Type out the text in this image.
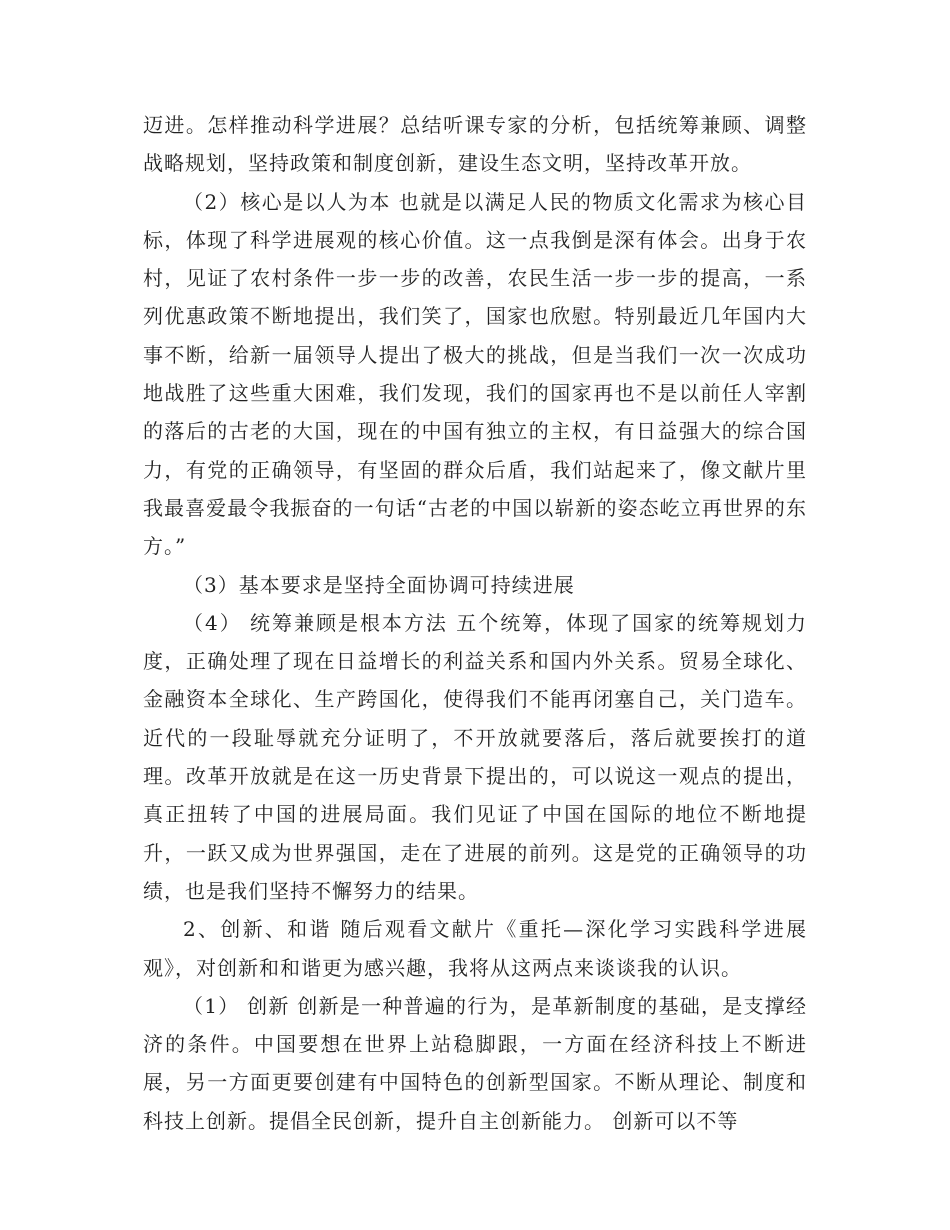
迈进。怎样推动科学进展？总结听课专家的分析，包括统筹兼顾、调整战略规划，坚持政策和制度创新，建设生态文明，坚持改革开放。

（2）核心是以人为本 也就是以满足人民的物质文化需求为核心目标，体现了科学进展观的核心价值。这一点我倒是深有体会。出身于农村，见证了农村条件一步一步的改善，农民生活一步一步的提高，一系列优惠政策不断地提出，我们笑了，国家也欣慰。特别最近几年国内大事不断，给新一届领导人提出了极大的挑战，但是当我们一次一次成功地战胜了这些重大困难，我们发现，我们的国家再也不是以前任人宰割的落后的古老的大国，现在的中国有独立的主权，有日益强大的综合国力，有党的正确领导，有坚固的群众后盾，我们站起来了，像文献片里我最喜爱最令我振奋的一句话“古老的中国以崭新的姿态屹立再世界的东方。”

（3）基本要求是坚持全面协调可持续进展

（4） 统筹兼顾是根本方法 五个统筹，体现了国家的统筹规划力度，正确处理了现在日益增长的利益关系和国内外关系。贸易全球化、金融资本全球化、生产跨国化，使得我们不能再闭塞自己，关门造车。近代的一段耻辱就充分证明了，不开放就要落后，落后就要挨打的道理。改革开放就是在这一历史背景下提出的，可以说这一观点的提出，真正扭转了中国的进展局面。我们见证了中国在国际的地位不断地提升，一跃又成为世界强国，走在了进展的前列。这是党的正确领导的功绩，也是我们坚持不懈努力的结果。

2、创新、和谐 随后观看文献片《重托—深化学习实践科学进展观》，对创新和和谐更为感兴趣，我将从这两点来谈谈我的认识。

（1） 创新 创新是一种普遍的行为，是革新制度的基础，是支撑经济的条件。中国要想在世界上站稳脚跟，一方面在经济科技上不断进展，另一方面更要创建有中国特色的创新型国家。不断从理论、制度和科技上创新。提倡全民创新，提升自主创新能力。 创新可以不等
